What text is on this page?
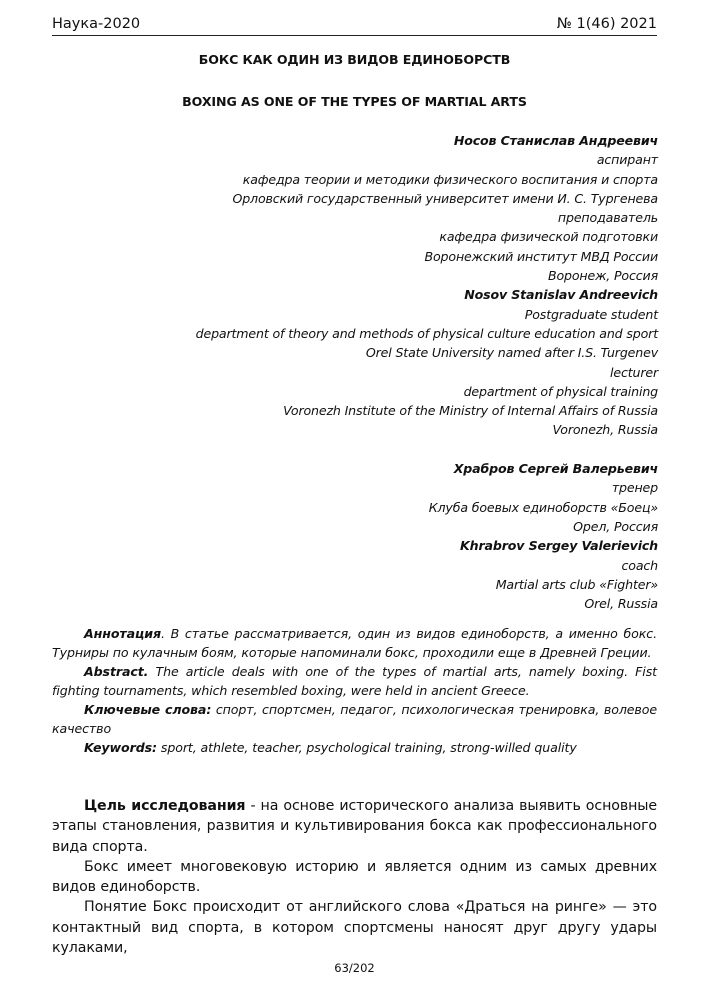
Наука-2020	№ 1(46) 2021
БОКС КАК ОДИН ИЗ ВИДОВ ЕДИНОБОРСТВ
BOXING AS ONE OF THE TYPES OF MARTIAL ARTS
Носов Станислав Андреевич
аспирант
кафедра теории и методики физического воспитания и спорта
Орловский государственный университет имени И. С. Тургенева
преподаватель
кафедра физической подготовки
Воронежский институт МВД России
Воронеж, Россия
Nosov Stanislav Andreevich
Postgraduate student
department of theory and methods of physical culture education and sport
Orel State University named after I.S. Turgenev
lecturer
department of physical training
Voronezh Institute of the Ministry of Internal Affairs of Russia
Voronezh, Russia
Храбров Сергей Валерьевич
тренер
Клуба боевых единоборств «Боец»
Орел, Россия
Khrabrov Sergey Valerievich
coach
Martial arts club «Fighter»
Orel, Russia

Аннотация. В статье рассматривается, один из видов единоборств, а именно бокс. Турниры по кулачным боям, которые напоминали бокс, проходили еще в Древней Греции.

Abstract. The article deals with one of the types of martial arts, namely boxing. Fist fighting tournaments, which resembled boxing, were held in ancient Greece.

Ключевые слова: спорт, спортсмен, педагог, психологическая тренировка, волевое качество

Keywords: sport, athlete, teacher, psychological training, strong-willed quality

Цель исследования - на основе исторического анализа выявить основные этапы становления, развития и культивирования бокса как профессионального вида спорта.

Бокс имеет многовековую историю и является одним из самых древних видов единоборств.

Понятие Бокс происходит от английского слова «Драться на ринге» — это контактный вид спорта, в котором спортсмены наносят друг другу удары кулаками,

63/202
